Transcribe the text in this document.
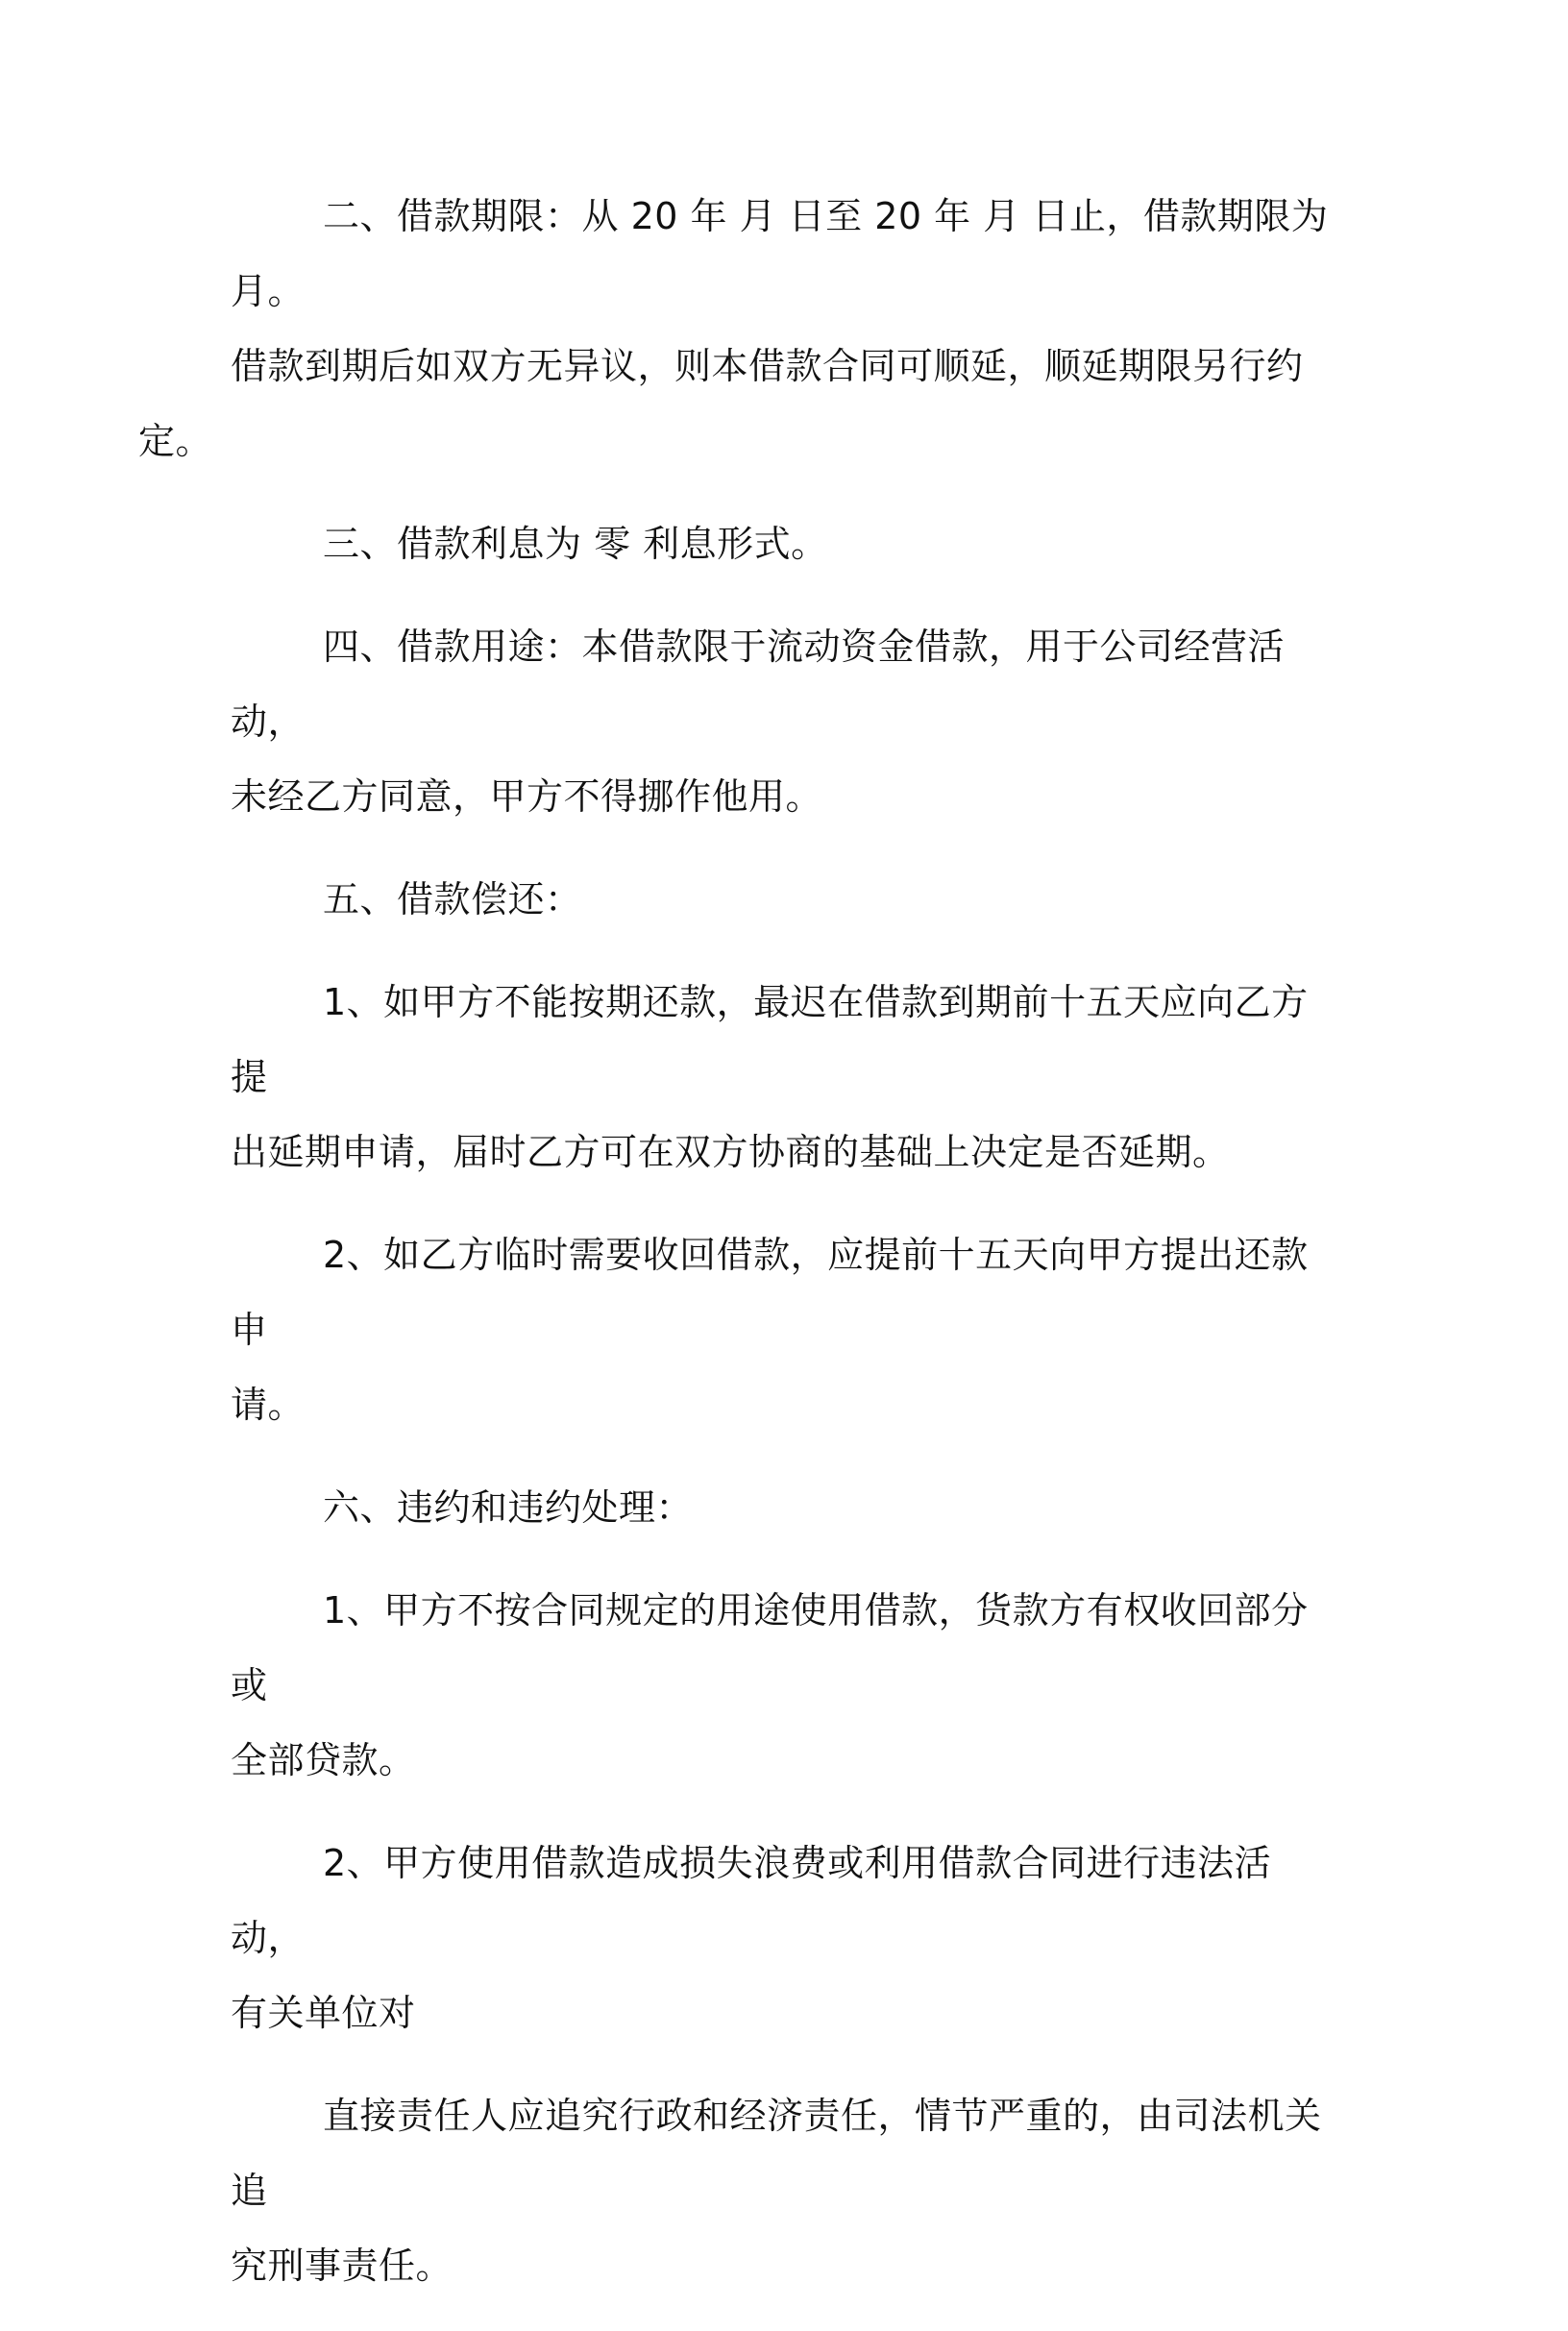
二、借款期限：从 20 年 月 日至 20 年 月 日止，借款期限为 月。
借款到期后如双方无异议，则本借款合同可顺延，顺延期限另行约定。

三、借款利息为 零 利息形式。

四、借款用途：本借款限于流动资金借款，用于公司经营活动，
未经乙方同意，甲方不得挪作他用。

五、借款偿还：

1、如甲方不能按期还款，最迟在借款到期前十五天应向乙方提
出延期申请，届时乙方可在双方协商的基础上决定是否延期。

2、如乙方临时需要收回借款，应提前十五天向甲方提出还款申
请。

六、违约和违约处理：

1、甲方不按合同规定的用途使用借款，货款方有权收回部分或
全部贷款。

2、甲方使用借款造成损失浪费或利用借款合同进行违法活动，
有关单位对

直接责任人应追究行政和经济责任，情节严重的，由司法机关追
究刑事责任。
